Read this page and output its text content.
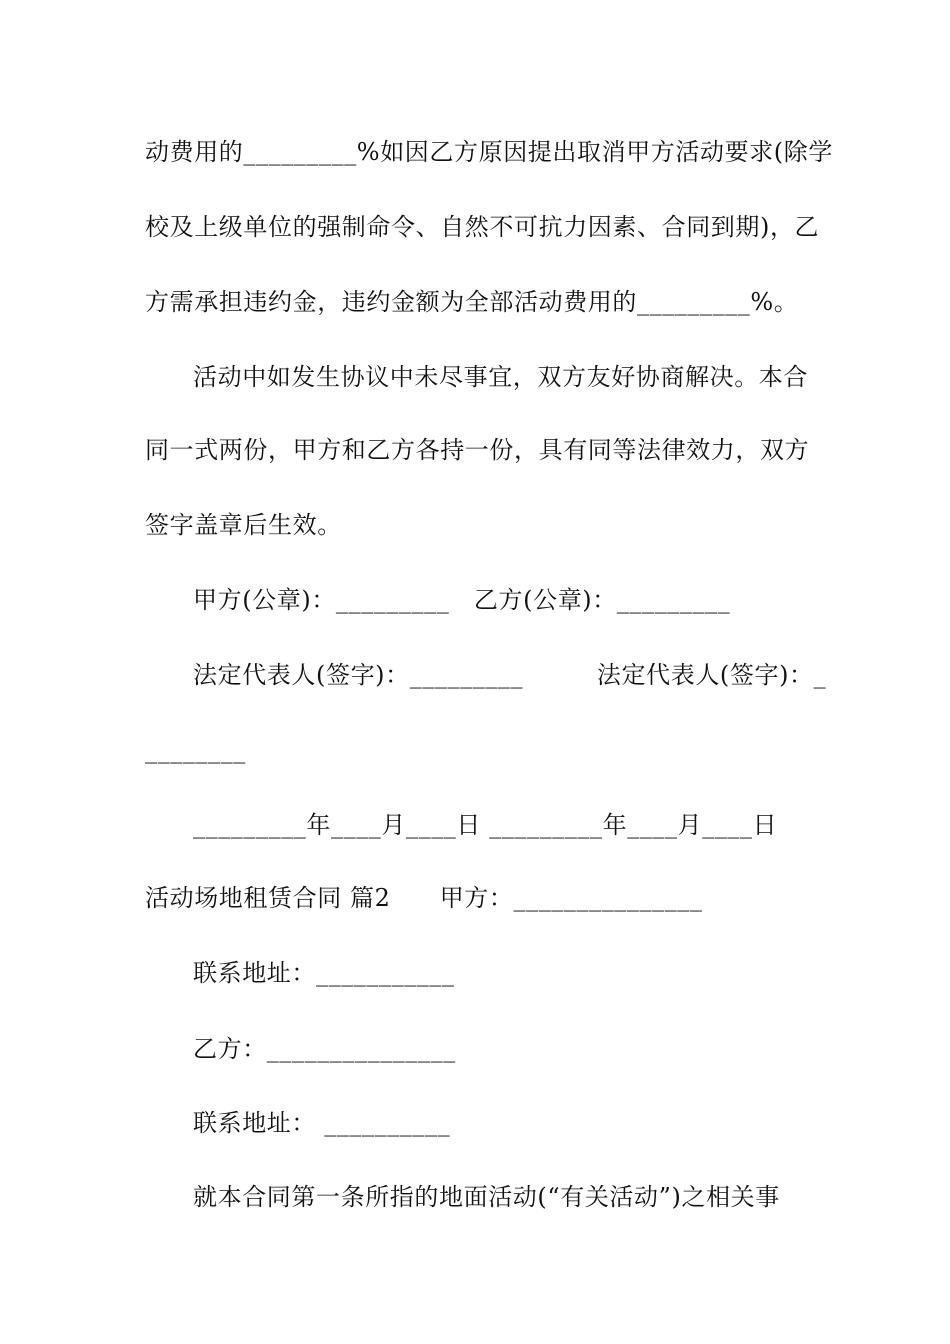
动费用的_________%如因乙方原因提出取消甲方活动要求(除学
校及上级单位的强制命令、自然不可抗力因素、合同到期)，乙
方需承担违约金，违约金额为全部活动费用的_________%。
活动中如发生协议中未尽事宜，双方友好协商解决。本合
同一式两份，甲方和乙方各持一份，具有同等法律效力，双方
签字盖章后生效。
甲方(公章)：_________　乙方(公章)：_________
法定代表人(签字)：_________　　　法定代表人(签字)：_
________
_________年____月____日 _________年____月____日
活动场地租赁合同 篇2　　甲方：_______________
联系地址：___________
乙方：_______________
联系地址： __________
就本合同第一条所指的地面活动(“有关活动”)之相关事
